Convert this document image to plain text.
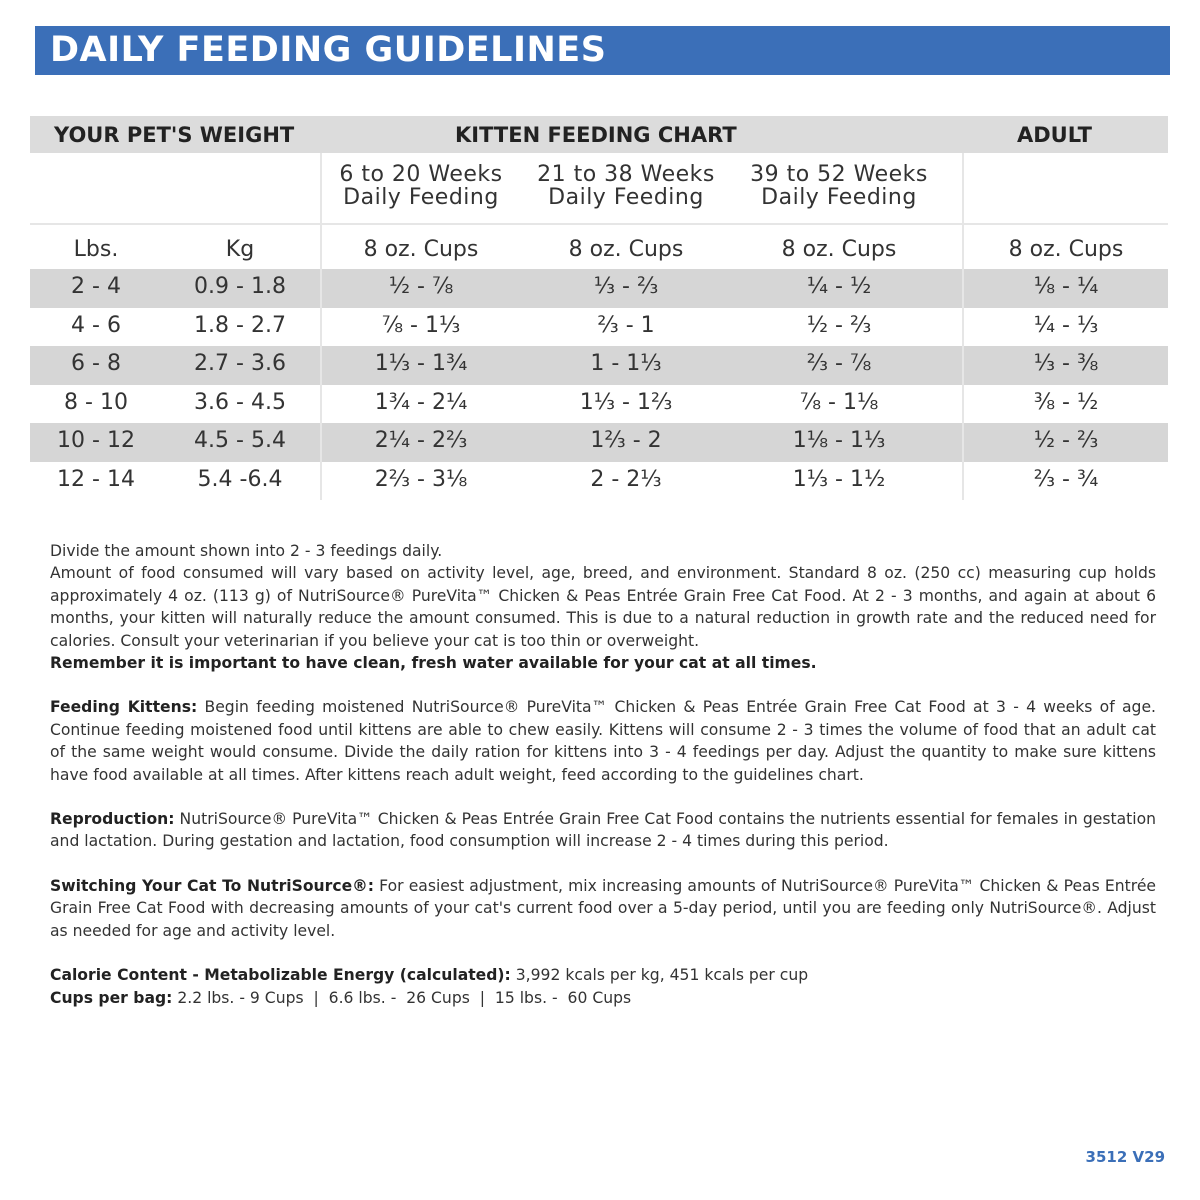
DAILY FEEDING GUIDELINES
YOUR PET'S WEIGHT	KITTEN FEEDING CHART	ADULT
6 to 20 Weeks
Daily Feeding
21 to 38 Weeks
Daily Feeding
39 to 52 Weeks
Daily Feeding
Lbs.	Kg	8 oz. Cups	8 oz. Cups	8 oz. Cups	8 oz. Cups
2 - 4	0.9 - 1.8	½ - ⅞	⅓ - ⅔	¼ - ½	⅛ - ¼
4 - 6	1.8 - 2.7	⅞ - 1⅓	⅔ - 1	½ - ⅔	¼ - ⅓
6 - 8	2.7 - 3.6	1⅓ - 1¾	1 - 1⅓	⅔ - ⅞	⅓ - ⅜
8 - 10	3.6 - 4.5	1¾ - 2¼	1⅓ - 1⅔	⅞ - 1⅛	⅜ - ½
10 - 12	4.5 - 5.4	2¼ - 2⅔	1⅔ - 2	1⅛ - 1⅓	½ - ⅔
12 - 14	5.4 -6.4	2⅔ - 3⅛	2 - 2⅓	1⅓ - 1½	⅔ - ¾

Divide the amount shown into 2 - 3 feedings daily.

Amount of food consumed will vary based on activity level, age, breed, and environment. Standard 8 oz. (250 cc) measuring cup holds approximately 4 oz. (113 g) of NutriSource® PureVita™ Chicken & Peas Entrée Grain Free Cat Food. At 2 - 3 months, and again at about 6 months, your kitten will naturally reduce the amount consumed. This is due to a natural reduction in growth rate and the reduced need for calories. Consult your veterinarian if you believe your cat is too thin or overweight.

Remember it is important to have clean, fresh water available for your cat at all times.

Feeding Kittens: Begin feeding moistened NutriSource® PureVita™ Chicken & Peas Entrée Grain Free Cat Food at 3 - 4 weeks of age. Continue feeding moistened food until kittens are able to chew easily. Kittens will consume 2 - 3 times the volume of food that an adult cat of the same weight would consume. Divide the daily ration for kittens into 3 - 4 feedings per day. Adjust the quantity to make sure kittens have food available at all times. After kittens reach adult weight, feed according to the guidelines chart.

Reproduction: NutriSource® PureVita™ Chicken & Peas Entrée Grain Free Cat Food contains the nutrients essential for females in gestation and lactation. During gestation and lactation, food consumption will increase 2 - 4 times during this period.

Switching Your Cat To NutriSource®: For easiest adjustment, mix increasing amounts of NutriSource® PureVita™ Chicken & Peas Entrée Grain Free Cat Food with decreasing amounts of your cat's current food over a 5-day period, until you are feeding only NutriSource®. Adjust as needed for age and activity level.

Calorie Content - Metabolizable Energy (calculated): 3,992 kcals per kg, 451 kcals per cup

Cups per bag: 2.2 lbs. - 9 Cups  |  6.6 lbs. -  26 Cups  |  15 lbs. -  60 Cups

3512 V29
